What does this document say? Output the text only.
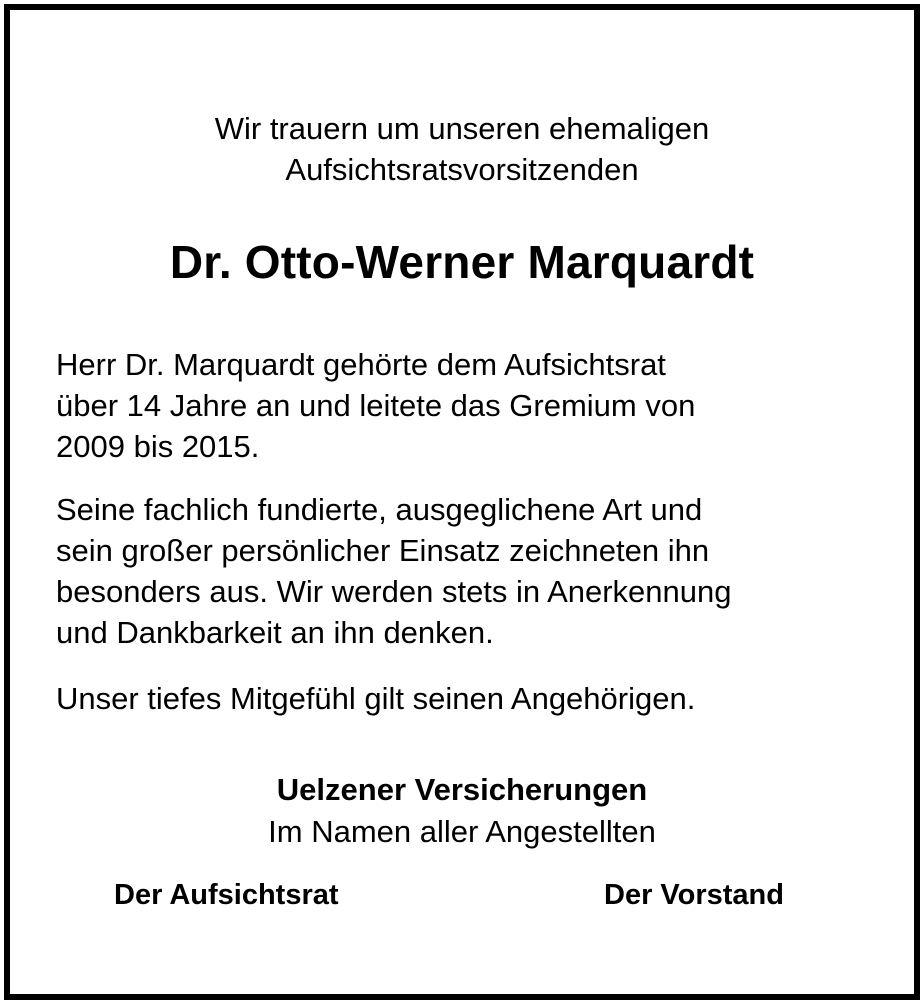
Wir trauern um unseren ehemaligen
Aufsichtsratsvorsitzenden
Dr. Otto-Werner Marquardt
Herr Dr. Marquardt gehörte dem Aufsichtsrat
über 14 Jahre an und leitete das Gremium von
2009 bis 2015.
Seine fachlich fundierte, ausgeglichene Art und
sein großer persönlicher Einsatz zeichneten ihn
besonders aus. Wir werden stets in Anerkennung
und Dankbarkeit an ihn denken.
Unser tiefes Mitgefühl gilt seinen Angehörigen.
Uelzener Versicherungen
Im Namen aller Angestellten
Der Aufsichtsrat	Der Vorstand
